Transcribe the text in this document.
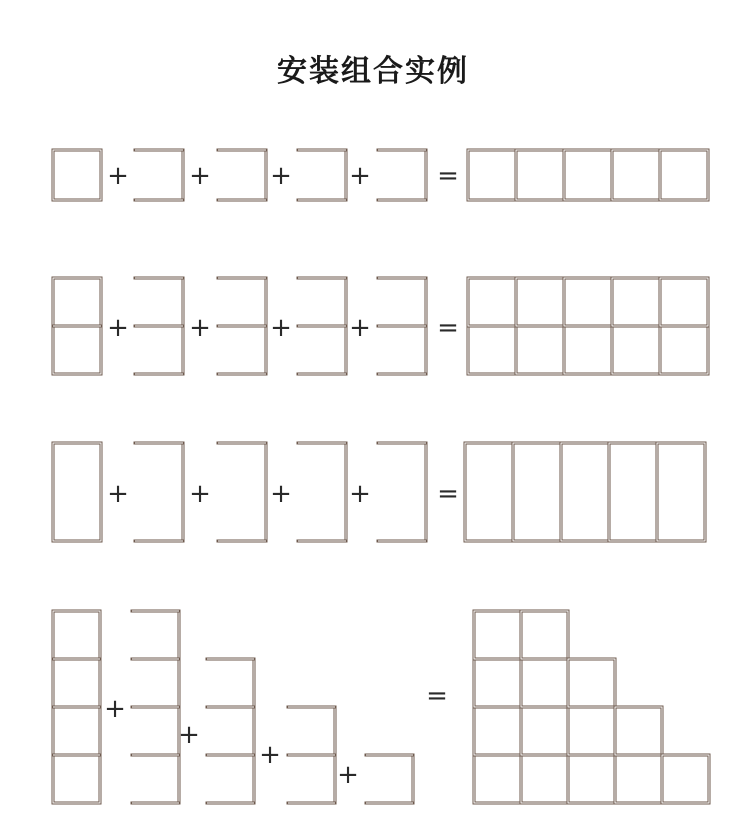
安装组合实例
+ + + +	=
+ + + +	=
+ + + +	=
+
+
+
+
=
